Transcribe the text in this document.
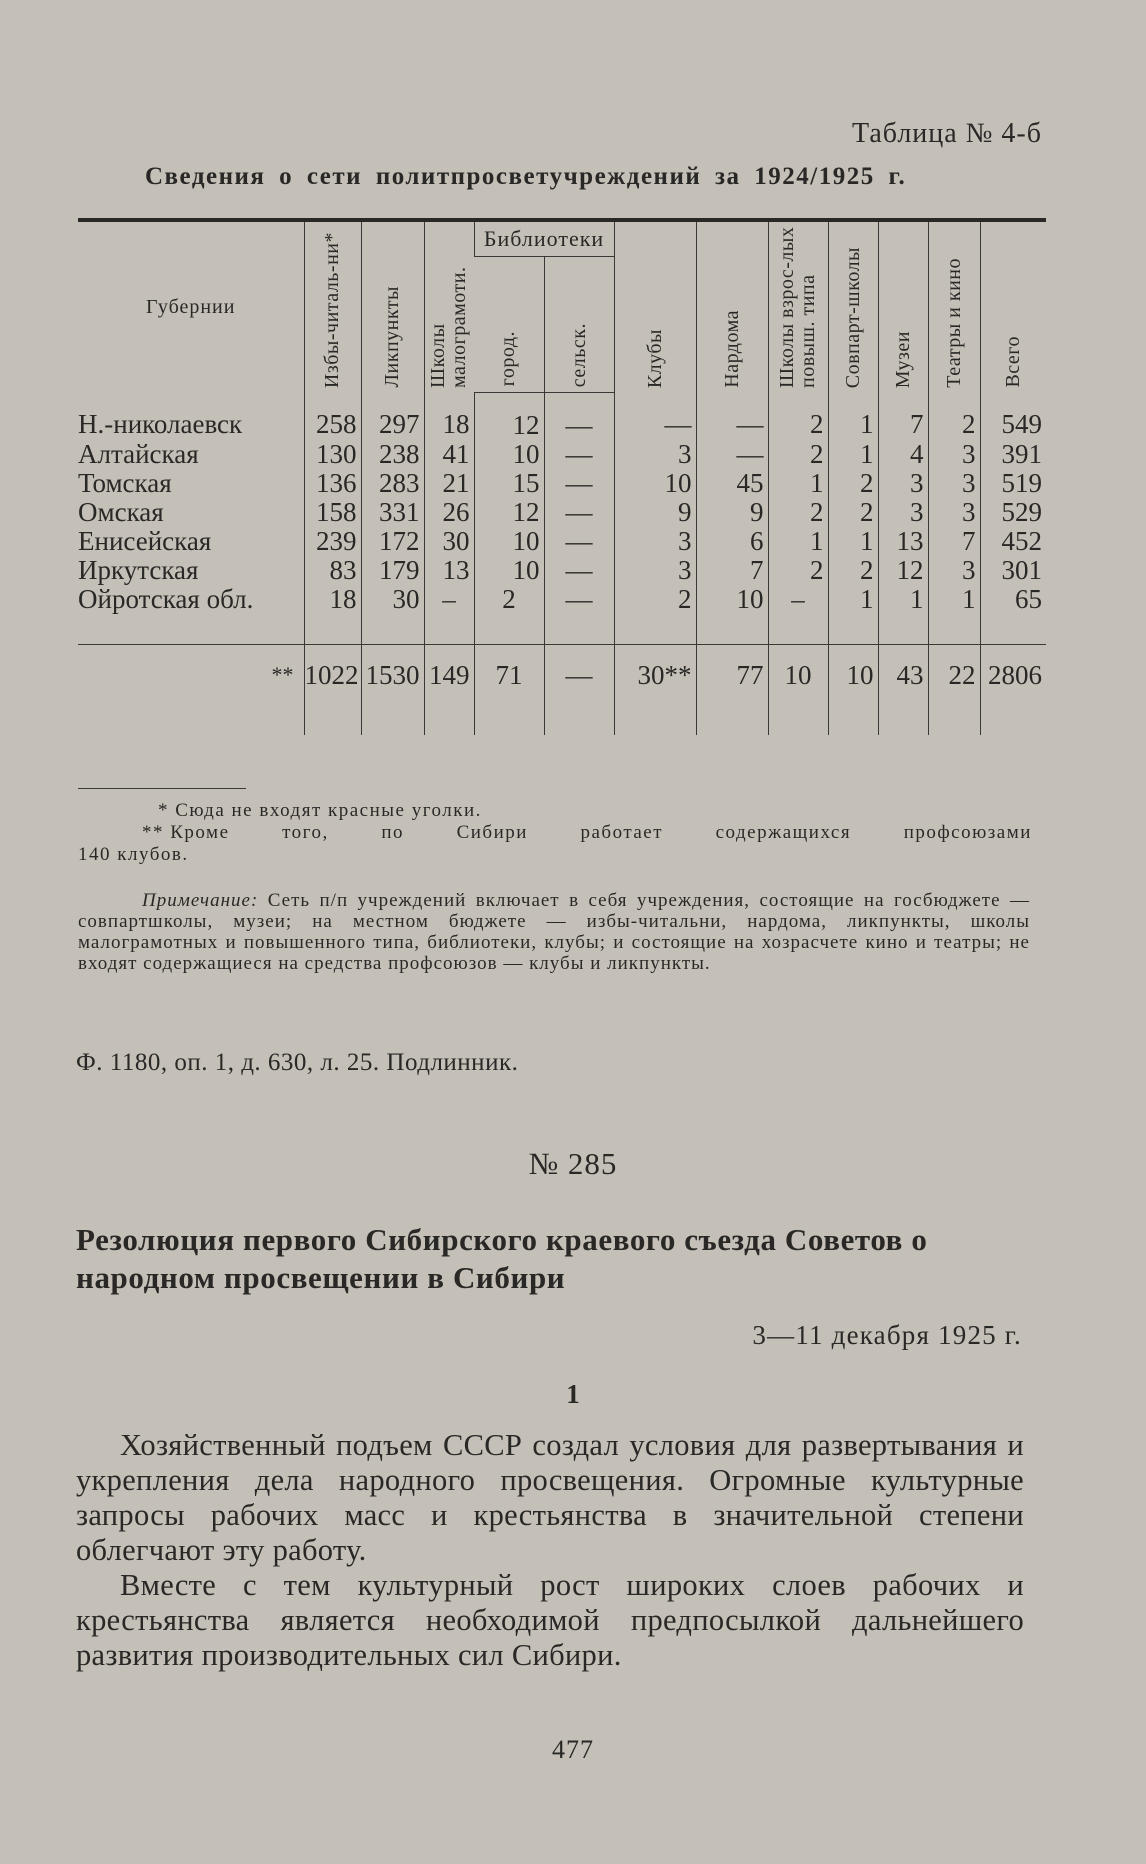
Таблица № 4-б
Сведения о сети политпросветучреждений за 1924/1925 г.
Губернии	Избы-читаль-ни*	Ликпункты	Школы малограмоти.	Библиотеки		Клубы	Нардома	Школы взрос-лых повыш. типа	Совпарт-школы	Музеи	Театры и кино	Всего

				город.	сельск.							

Н.-николаевск	258	297	18	12	—	—	—	2	1	7	2	549
Алтайская	130	238	41	10	—	3	—	2	1	4	3	391
Томская	136	283	21	15	—	10	45	1	2	3	3	519
Омская	158	331	26	12	—	9	9	2	2	3	3	529
Енисейская	239	172	30	10	—	3	6	1	1	13	7	452
Иркутская	83	179	13	10	—	3	7	2	2	12	3	301
Ойротская обл.	18	30	–	2	—	2	10	–	1	1	1	65
**	1022	1530	149	71	—	30**	77	10	10	43	22	2806
* Сюда не входят красные уголки.
** Кроме	того,	по	Сибири	работает	содержащихся	профсоюзами
140 клубов.
Примечание: Сеть п/п учреждений включает в себя учреждения, состоящие на госбюджете — совпартшколы, музеи; на местном бюджете — избы-читальни, нардома, ликпункты, школы малограмотных и повышенного типа, библиотеки, клубы; и состоящие на хозрасчете кино и театры; не входят содержащиеся на средства профсоюзов — клубы и ликпункты.
Ф. 1180, оп. 1, д. 630, л. 25. Подлинник.
№ 285
Резолюция первого Сибирского краевого съезда Советов о народном просвещении в Сибири
3—11 декабря 1925 г.
1

Хозяйственный подъем СССР создал условия для развертывания и укрепления дела народного просвещения. Огромные культурные запросы рабочих масс и крестьянства в значительной степени облегчают эту работу.

Вместе с тем культурный рост широких слоев рабочих и крестьянства является необходимой предпосылкой дальнейшего развития производительных сил Сибири.

477
